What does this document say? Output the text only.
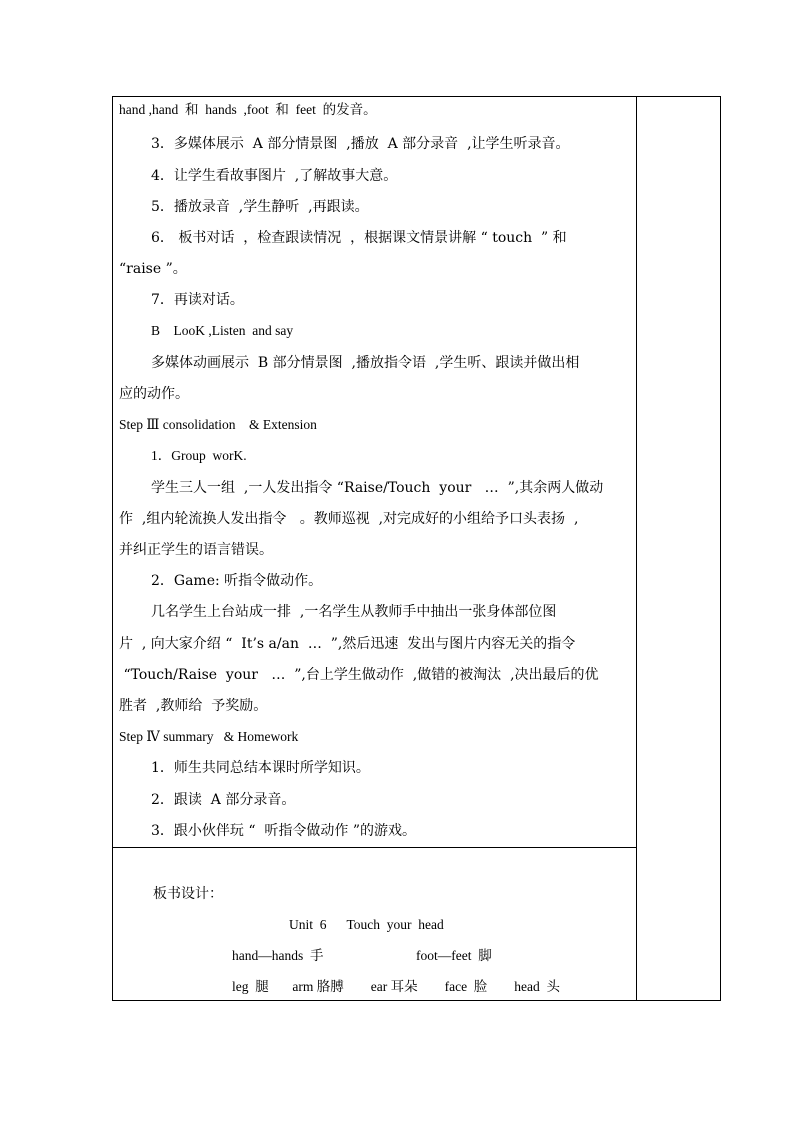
hand ,hand  和  hands  ,foot  和  feet  的发音。
3．多媒体展示  A 部分情景图  ,播放  A 部分录音  ,让学生听录音。
4．让学生看故事图片  ,了解故事大意。
5．播放录音  ,学生静听  ,再跟读。
6． 板书对话  ，检查跟读情况  ，根据课文情景讲解 “ touch  ” 和
“raise ”。
7．再读对话。
B    LooK ,Listen  and say
多媒体动画展示  B 部分情景图  ,播放指令语  ,学生听、跟读并做出相
应的动作。
Step Ⅲ consolidation    & Extension
1．Group  worK.
学生三人一组  ,一人发出指令 “Raise/Touch  your   …  ”,其余两人做动
作  ,组内轮流换人发出指令   。教师巡视  ,对完成好的小组给予口头表扬  ,
并纠正学生的语言错误。
2．Game: 听指令做动作。
几名学生上台站成一排  ,一名学生从教师手中抽出一张身体部位图
片  , 向大家介绍 “  It’s a/an  …  ”,然后迅速  发出与图片内容无关的指令
“Touch/Raise  your   …  ”,台上学生做动作  ,做错的被淘汰  ,决出最后的优
胜者  ,教师给  予奖励。
Step Ⅳ summary   & Homework
1．师生共同总结本课时所学知识。
2．跟读  A 部分录音。
3．跟小伙伴玩 “  听指令做动作 ”的游戏。
板书设计：
Unit  6      Touch  your  head
hand—hands  手	foot—feet  脚
leg  腿       arm 胳膊        ear 耳朵        face  脸        head  头
